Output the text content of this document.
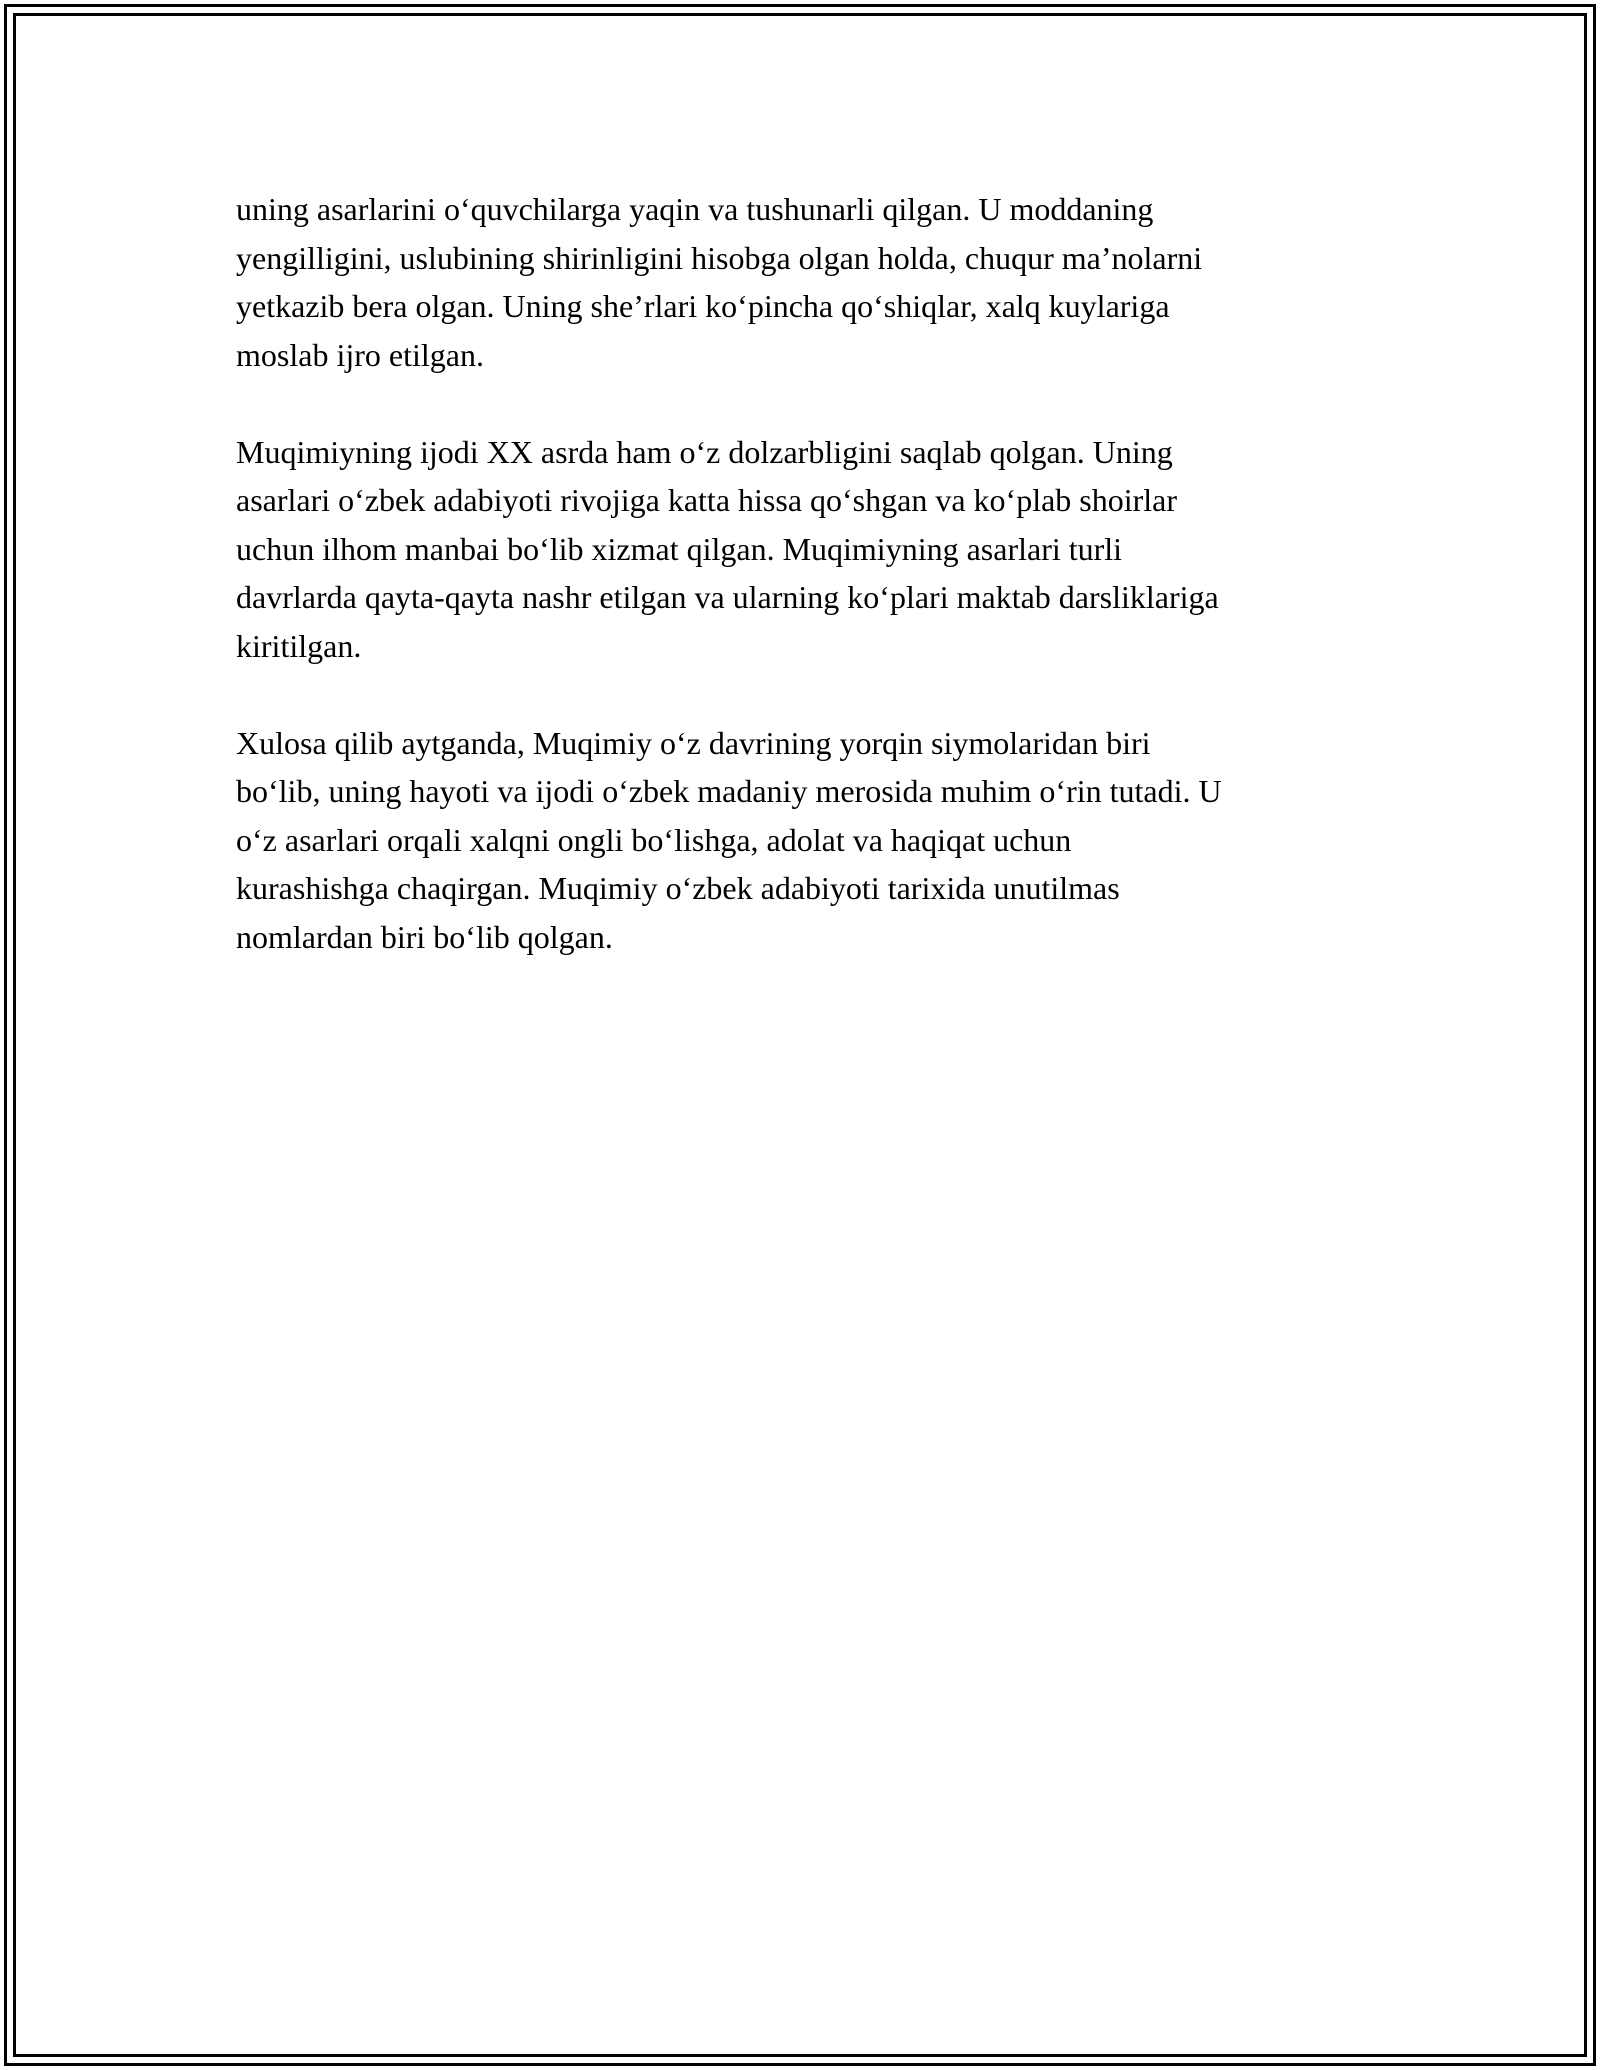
uning asarlarini o‘quvchilarga yaqin va tushunarli qilgan. U moddaning
yengilligini, uslubining shirinligini hisobga olgan holda, chuqur ma’nolarni
yetkazib bera olgan. Uning she’rlari ko‘pincha qo‘shiqlar, xalq kuylariga
moslab ijro etilgan.

Muqimiyning ijodi XX asrda ham o‘z dolzarbligini saqlab qolgan. Uning
asarlari o‘zbek adabiyoti rivojiga katta hissa qo‘shgan va ko‘plab shoirlar
uchun ilhom manbai bo‘lib xizmat qilgan. Muqimiyning asarlari turli
davrlarda qayta-qayta nashr etilgan va ularning ko‘plari maktab darsliklariga
kiritilgan.

Xulosa qilib aytganda, Muqimiy o‘z davrining yorqin siymolaridan biri
bo‘lib, uning hayoti va ijodi o‘zbek madaniy merosida muhim o‘rin tutadi. U
o‘z asarlari orqali xalqni ongli bo‘lishga, adolat va haqiqat uchun
kurashishga chaqirgan. Muqimiy o‘zbek adabiyoti tarixida unutilmas
nomlardan biri bo‘lib qolgan.
